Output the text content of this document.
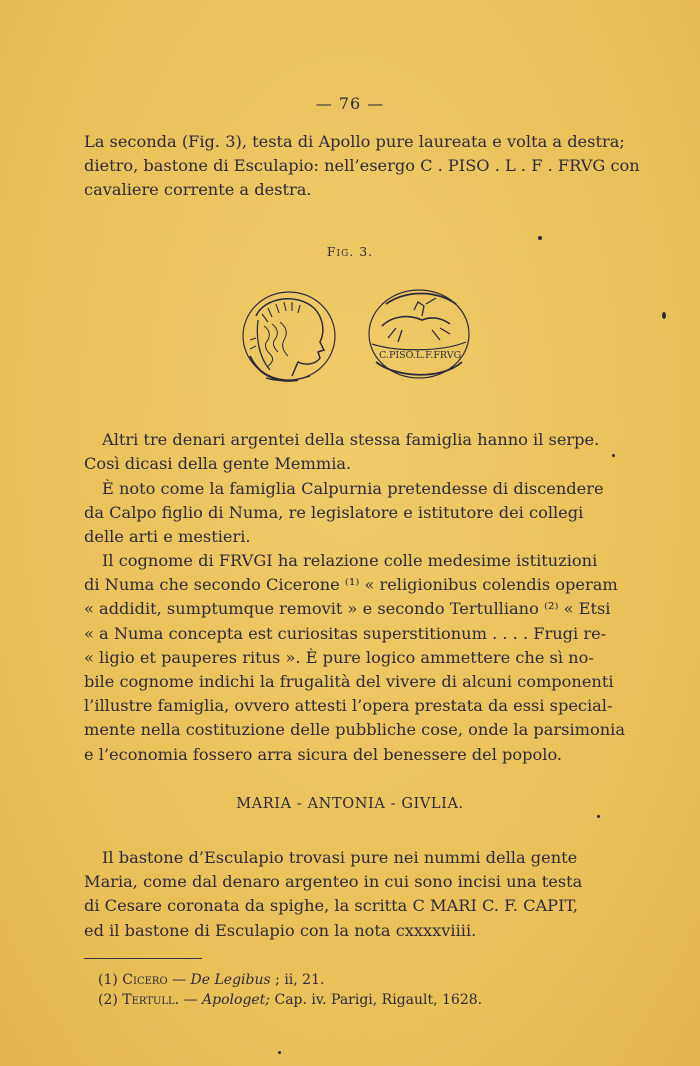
— 76 —

La seconda (Fig. 3), testa di Apollo pure laureata e volta a destra;
dietro, bastone di Esculapio: nell’esergo C . PISO . L . F . FRVG con
cavaliere corrente a destra.

Fig. 3.
C.PISO.L.F.FRVG

Altri tre denari argentei della stessa famiglia hanno il serpe.
Così dicasi della gente Memmia.

È noto come la famiglia Calpurnia pretendesse di discendere
da Calpo figlio di Numa, re legislatore e istitutore dei collegi
delle arti e mestieri.

Il cognome di FRVGI ha relazione colle medesime istituzioni
di Numa che secondo Cicerone ⁽¹⁾ « religionibus colendis operam
« addidit, sumptumque removit » e secondo Tertulliano ⁽²⁾ « Etsi
« a Numa concepta est curiositas superstitionum . . . . Frugi re-
« ligio et pauperes ritus ». È pure logico ammettere che sì no-
bile cognome indichi la frugalità del vivere di alcuni componenti
l’illustre famiglia, ovvero attesti l’opera prestata da essi special-
mente nella costituzione delle pubbliche cose, onde la parsimonia
e l’economia fossero arra sicura del benessere del popolo.

MARIA - ANTONIA - GIVLIA.

Il bastone d’Esculapio trovasi pure nei nummi della gente
Maria, come dal denaro argenteo in cui sono incisi una testa
di Cesare coronata da spighe, la scritta C MARI C. F. CAPIT,
ed il bastone di Esculapio con la nota cxxxxviiii.

(1) Cicero — De Legibus ; ii, 21.
(2) Tertull. — Apologet; Cap. iv. Parigi, Rigault, 1628.
